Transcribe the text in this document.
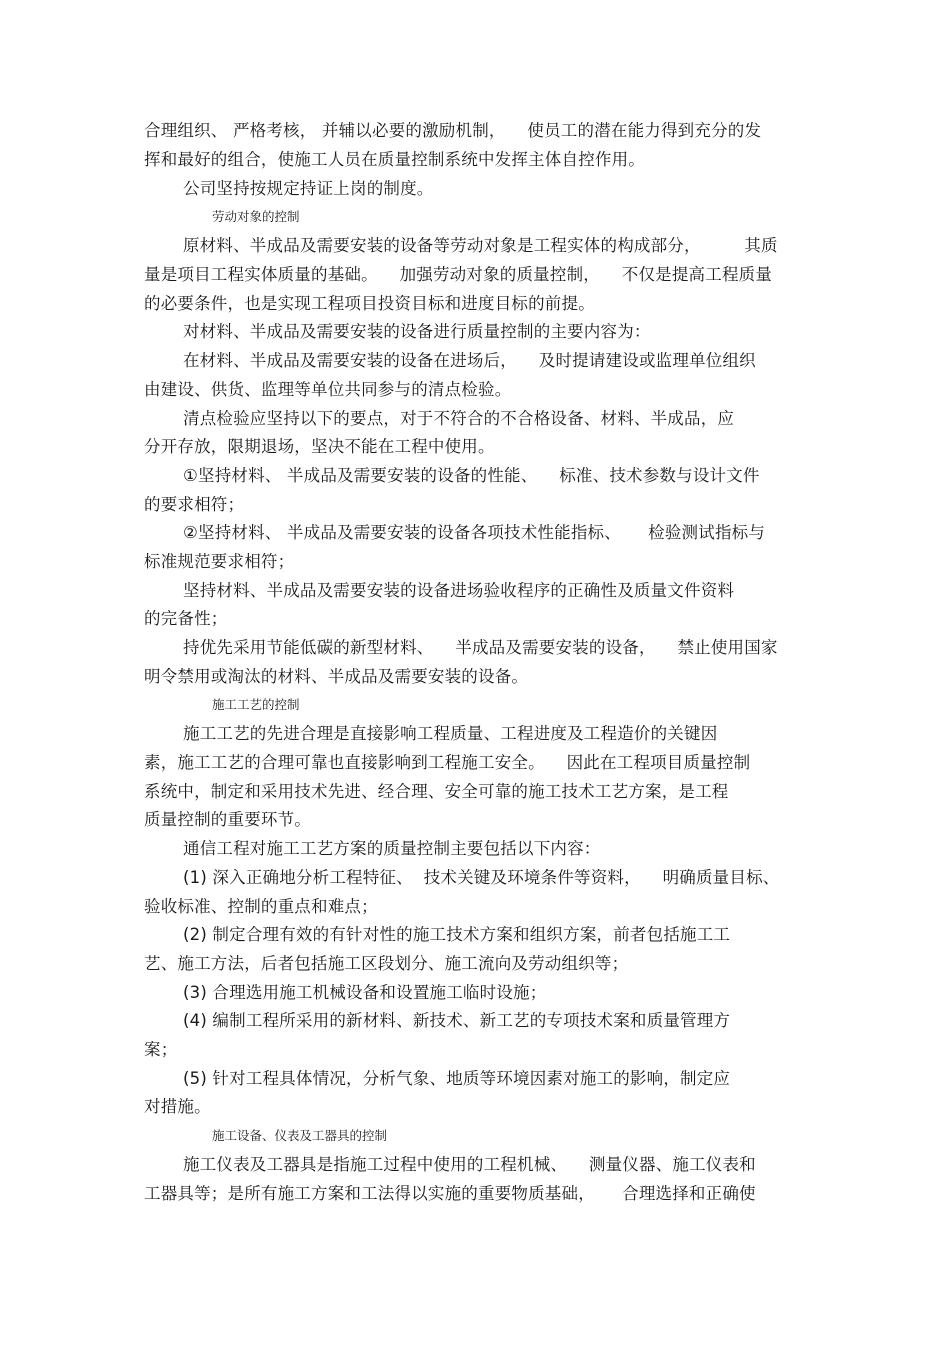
合理组织、 严格考核， 并辅以必要的激励机制，    使员工的潜在能力得到充分的发
挥和最好的组合，使施工人员在质量控制系统中发挥主体自控作用。
公司坚持按规定持证上岗的制度。
劳动对象的控制
原材料、半成品及需要安装的设备等劳动对象是工程实体的构成部分，        其质
量是项目工程实体质量的基础。    加强劳动对象的质量控制，    不仅是提高工程质量
的必要条件，也是实现工程项目投资目标和进度目标的前提。
对材料、半成品及需要安装的设备进行质量控制的主要内容为：
在材料、半成品及需要安装的设备在进场后，    及时提请建设或监理单位组织
由建设、供货、监理等单位共同参与的清点检验。
清点检验应坚持以下的要点，对于不符合的不合格设备、材料、半成品，应
分开存放，限期退场，坚决不能在工程中使用。
①坚持材料、 半成品及需要安装的设备的性能、    标准、技术参数与设计文件
的要求相符；
②坚持材料、 半成品及需要安装的设备各项技术性能指标、     检验测试指标与
标准规范要求相符；
坚持材料、半成品及需要安装的设备进场验收程序的正确性及质量文件资料
的完备性；
持优先采用节能低碳的新型材料、    半成品及需要安装的设备，    禁止使用国家
明令禁用或淘汰的材料、半成品及需要安装的设备。
施工工艺的控制
施工工艺的先进合理是直接影响工程质量、工程进度及工程造价的关键因
素，施工工艺的合理可靠也直接影响到工程施工安全。    因此在工程项目质量控制
系统中，制定和采用技术先进、经合理、安全可靠的施工技术工艺方案，是工程
质量控制的重要环节。
通信工程对施工工艺方案的质量控制主要包括以下内容：
(1) 深入正确地分析工程特征、  技术关键及环境条件等资料，    明确质量目标、
验收标准、控制的重点和难点；
(2) 制定合理有效的有针对性的施工技术方案和组织方案，前者包括施工工
艺、施工方法，后者包括施工区段划分、施工流向及劳动组织等；
(3) 合理选用施工机械设备和设置施工临时设施；
(4) 编制工程所采用的新材料、新技术、新工艺的专项技术案和质量管理方
案；
(5) 针对工程具体情况，分析气象、地质等环境因素对施工的影响，制定应
对措施。
施工设备、仪表及工器具的控制
施工仪表及工器具是指施工过程中使用的工程机械、    测量仪器、施工仪表和
工器具等；是所有施工方案和工法得以实施的重要物质基础，     合理选择和正确使
